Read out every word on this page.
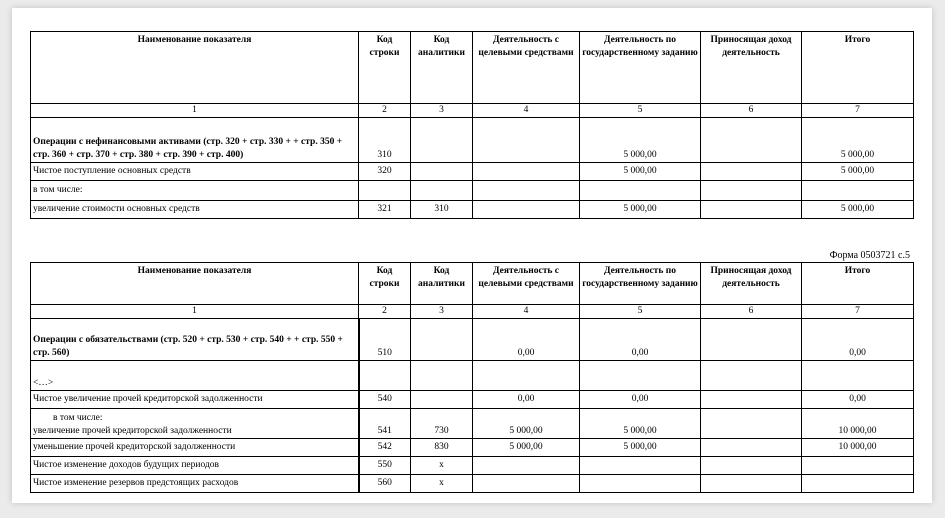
Наименование показателя	Код строки	Код аналитики	Деятельность с целевыми средствами	Деятельность по государственному заданию	Приносящая доход деятельность	Итого
1	2	3	4	5	6	7
Операции с нефинансовыми активами (стр. 320 + стр. 330 + + стр. 350 + стр. 360 + стр. 370 + стр. 380 + стр. 390 + стр. 400)	310			5 000,00		5 000,00
Чистое поступление основных средств	320			5 000,00		5 000,00
в том числе:						
увеличение стоимости основных средств	321	310		5 000,00		5 000,00
Форма 0503721 с.5
Наименование показателя	Код строки	Код аналитики	Деятельность с целевыми средствами	Деятельность по государственному заданию	Приносящая доход деятельность	Итого
1	2	3	4	5	6	7
Операции с обязательствами (стр. 520 + стр. 530 + стр. 540 + + стр. 550 + стр. 560)	510		0,00	0,00		0,00
<…>						
Чистое увеличение прочей кредиторской задолженности	540		0,00	0,00		0,00

в том числе:
увеличение прочей кредиторской задолженности	541	730	5 000,00	5 000,00		10 000,00
уменьшение прочей кредиторской задолженности	542	830	5 000,00	5 000,00		10 000,00
Чистое изменение доходов будущих периодов	550	х				
Чистое изменение резервов предстоящих расходов	560	х				
